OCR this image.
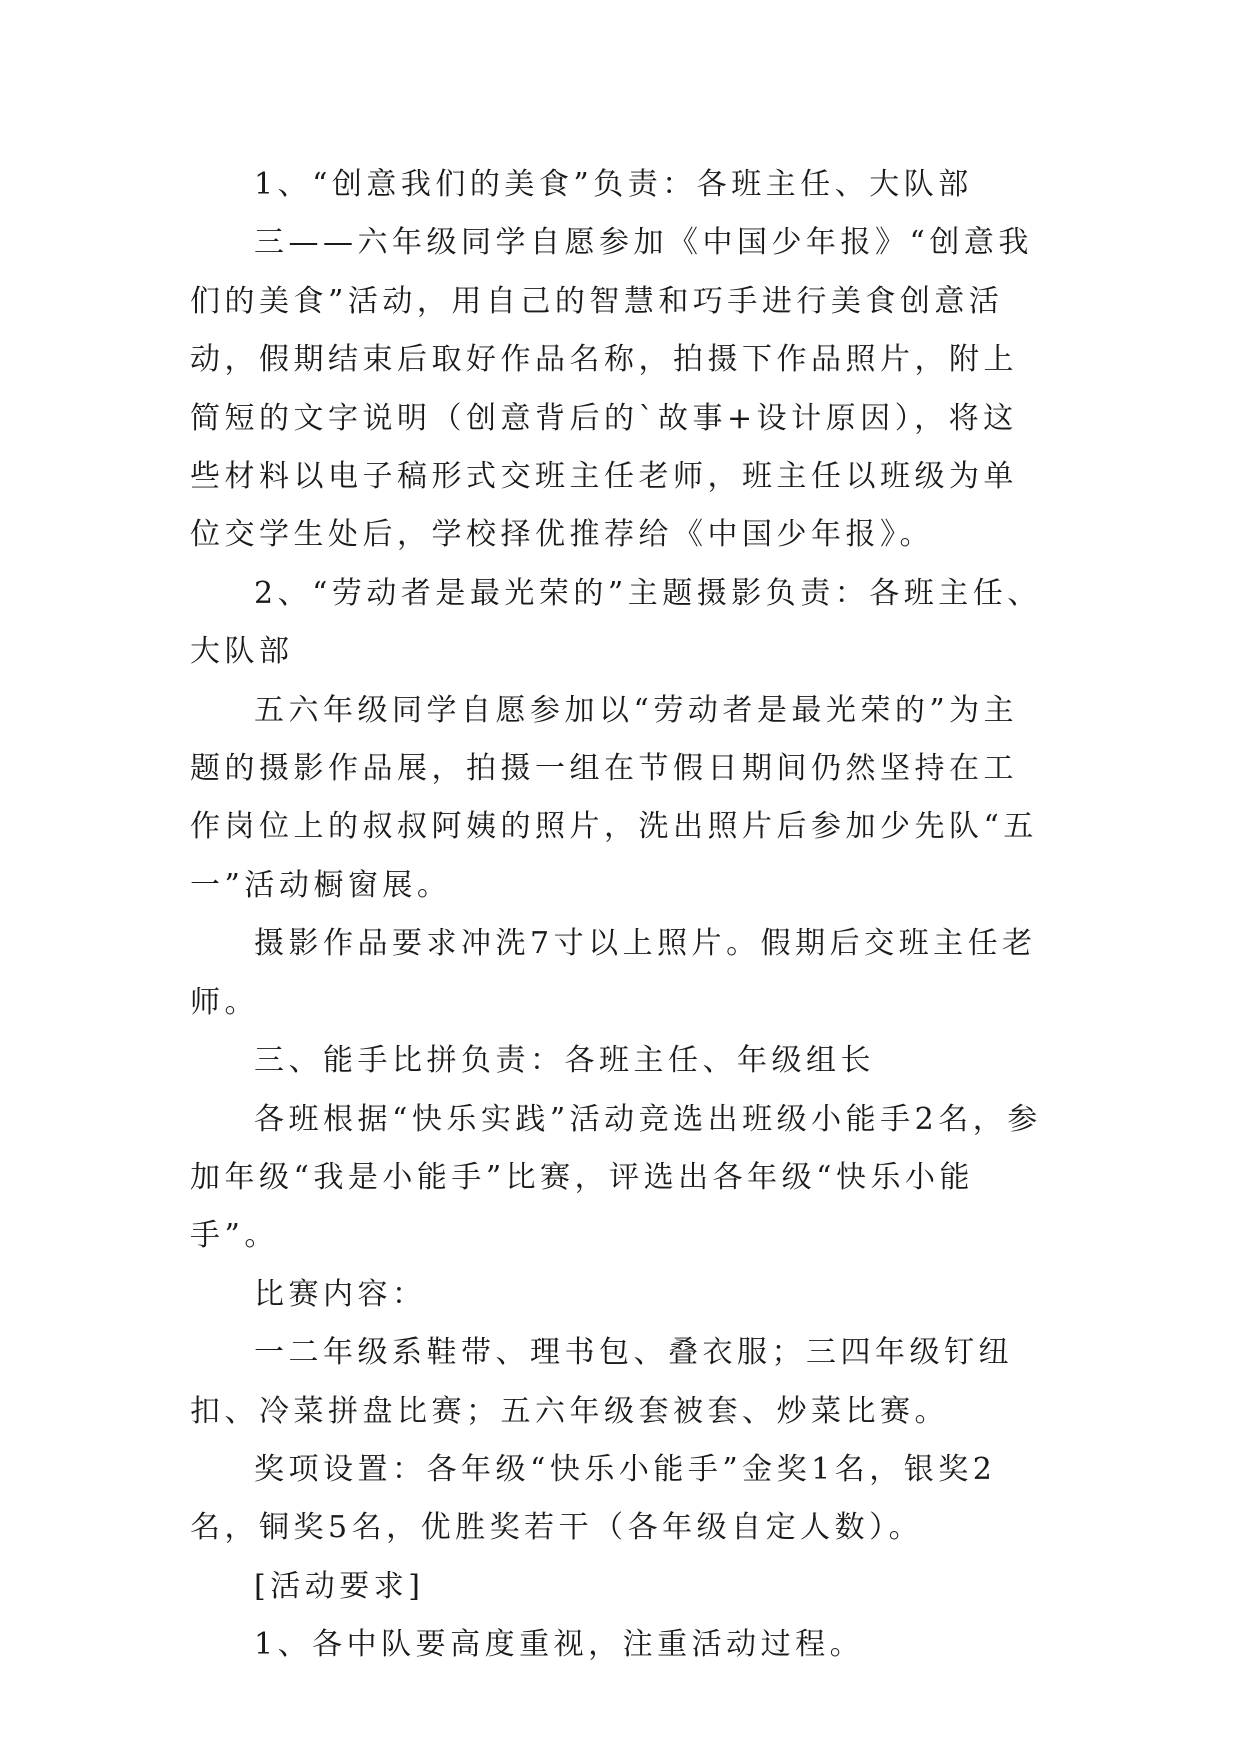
1、“创意我们的美食”负责：各班主任、大队部

三——六年级同学自愿参加《中国少年报》“创意我们的美食”活动，用自己的智慧和巧手进行美食创意活动，假期结束后取好作品名称，拍摄下作品照片，附上简短的文字说明（创意背后的`故事+设计原因），将这些材料以电子稿形式交班主任老师，班主任以班级为单位交学生处后，学校择优推荐给《中国少年报》。

2、“劳动者是最光荣的”主题摄影负责：各班主任、大队部

五六年级同学自愿参加以“劳动者是最光荣的”为主题的摄影作品展，拍摄一组在节假日期间仍然坚持在工作岗位上的叔叔阿姨的照片，洗出照片后参加少先队“五一”活动橱窗展。

摄影作品要求冲洗7寸以上照片。假期后交班主任老师。

三、能手比拼负责：各班主任、年级组长

各班根据“快乐实践”活动竞选出班级小能手2名，参加年级“我是小能手”比赛，评选出各年级“快乐小能手”。

比赛内容：

一二年级系鞋带、理书包、叠衣服；三四年级钉纽扣、冷菜拼盘比赛；五六年级套被套、炒菜比赛。

奖项设置：各年级“快乐小能手”金奖1名，银奖2名，铜奖5名，优胜奖若干（各年级自定人数）。

[活动要求]

1、各中队要高度重视，注重活动过程。
